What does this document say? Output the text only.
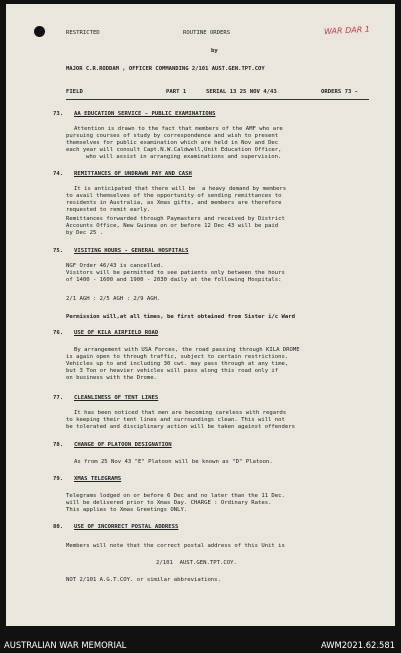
WAR DAR 1
RESTRICTED	ROUTINE ORDERS
by
MAJOR C.R.RODDAM , OFFICER COMMANDING 2/101 AUST.GEN.TPT.COY
FIELD	PART 1	SERIAL 13 25 NOV 4/43	ORDERS 73 -
73. AA EDUCATION SERVICE - PUBLIC EXAMINATIONS
Attention is drawn to the fact that members of the AMF who are
pursuing courses of study by correspondence and wish to present
themselves for public examination which are held in Nov and Dec
each year will consult Capt.N.W.Caldwell,Unit Education Officer,
who will assist in arranging examinations and supervision.
74. REMITTANCES OF UNDRAWN PAY AND CASH
It is anticipated that there will be  a heavy demand by members
to avail themselves of the opportunity of sending remittances to
residents in Australia, as Xmas gifts, and members are therefore
requested to remit early.
Remittances forwarded through Paymasters and received by District
Accounts Office, New Guinea on or before 12 Dec 43 will be paid
by Dec 25 .
75. VISITING HOURS - GENERAL HOSPITALS
NGF Order 46/43 is cancelled.
Visitors will be permitted to see patients only between the hours
of 1400 - 1600 and 1900 - 2030 daily at the following Hospitals:
2/1 AGH : 2/5 AGH : 2/9 AGH.
Permission will,at all times, be first obtained from Sister i/c Ward
76. USE OF KILA AIRFIELD ROAD
By arrangement with USA Forces, the road passing through KILA DROME
is again open to through traffic, subject to certain restrictions.
Vehicles up to and including 30 cwt. may pass through at any time,
but 3 Ton or heavier vehicles will pass along this road only if
on business with the Drome.
77. CLEANLINESS OF TENT LINES
It has been noticed that men are becoming careless with regards
to keeping their tent lines and surroundings clean. This will not
be tolerated and disciplinary action will be taken against offenders
78. CHANGE OF PLATOON DESIGNATION
As from 25 Nov 43 "E" Platoon will be known as "D" Platoon.
79. XMAS TELEGRAMS
Telegrams lodged on or before 6 Dec and no later than the 11 Dec.
will be delivered prior to Xmas Day. CHARGE : Ordinary Rates.
This applies to Xmas Greetings ONLY.
80. USE OF INCORRECT POSTAL ADDRESS
Members will note that the correct postal address of this Unit is
2/101  AUST.GEN.TPT.COY.
NOT 2/101 A.G.T.COY. or similar abbreviations.
AUSTRALIAN WAR MEMORIAL	AWM2021.62.581
